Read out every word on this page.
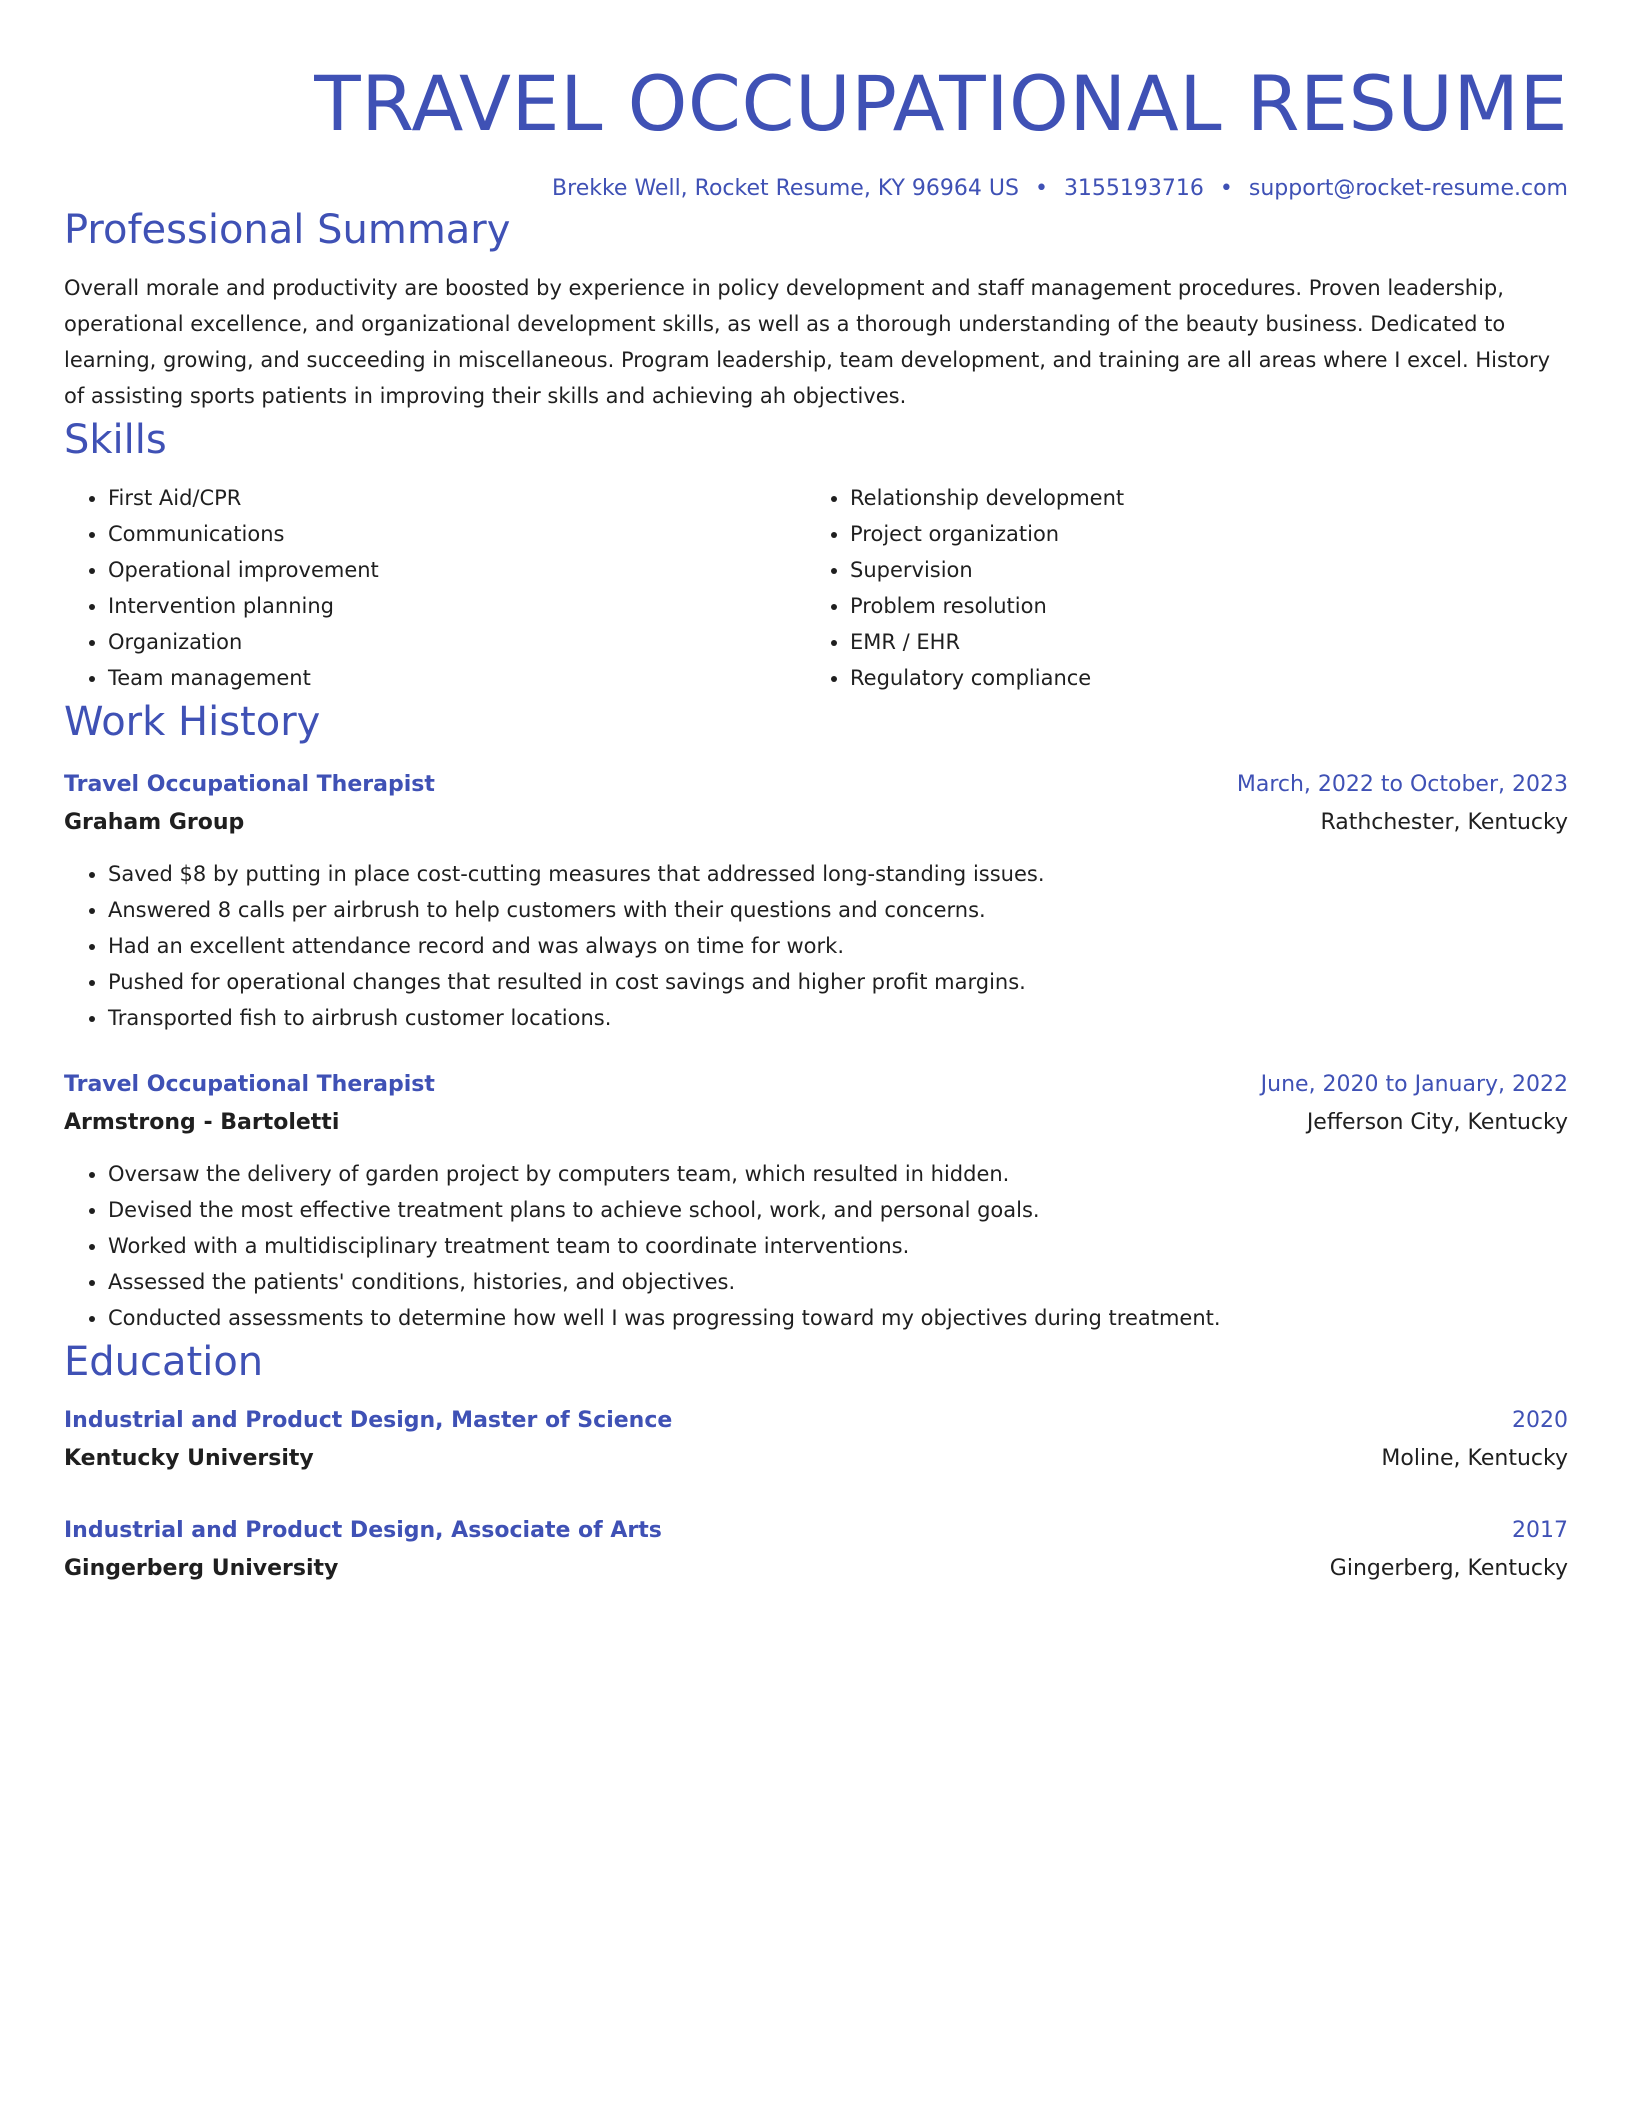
TRAVEL OCCUPATIONAL RESUME
Brekke Well, Rocket Resume, KY 96964 US • 3155193716 • support@rocket-resume.com
Professional Summary
Overall morale and productivity are boosted by experience in policy development and staff management procedures. Proven leadership, operational excellence, and organizational development skills, as well as a thorough understanding of the beauty business. Dedicated to learning, growing, and succeeding in miscellaneous. Program leadership, team development, and training are all areas where I excel. History of assisting sports patients in improving their skills and achieving ah objectives.
Skills
• First Aid/CPR
• Communications
• Operational improvement
• Intervention planning
• Organization
• Team management
• Relationship development
• Project organization
• Supervision
• Problem resolution
• EMR / EHR
• Regulatory compliance
Work History
Travel Occupational Therapist	March, 2022 to October, 2023
Graham Group	Rathchester, Kentucky
• Saved $8 by putting in place cost-cutting measures that addressed long-standing issues.
• Answered 8 calls per airbrush to help customers with their questions and concerns.
• Had an excellent attendance record and was always on time for work.
• Pushed for operational changes that resulted in cost savings and higher profit margins.
• Transported fish to airbrush customer locations.
Travel Occupational Therapist	June, 2020 to January, 2022
Armstrong - Bartoletti	Jefferson City, Kentucky
• Oversaw the delivery of garden project by computers team, which resulted in hidden.
• Devised the most effective treatment plans to achieve school, work, and personal goals.
• Worked with a multidisciplinary treatment team to coordinate interventions.
• Assessed the patients' conditions, histories, and objectives.
• Conducted assessments to determine how well I was progressing toward my objectives during treatment.
Education
Industrial and Product Design, Master of Science	2020
Kentucky University	Moline, Kentucky
Industrial and Product Design, Associate of Arts	2017
Gingerberg University	Gingerberg, Kentucky
